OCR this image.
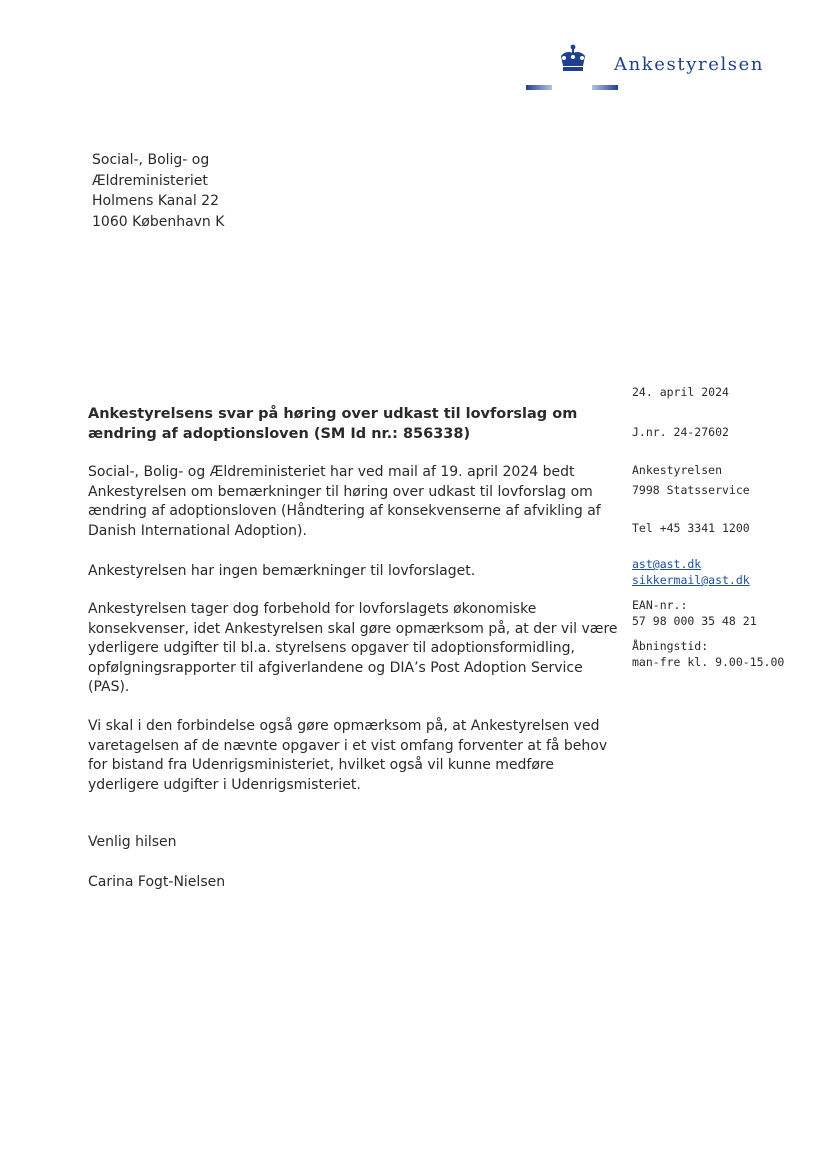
Ankestyrelsen
Social-, Bolig- og
Ældreministeriet
Holmens Kanal 22
1060 København K
24. april 2024
J.nr. 24-27602
Ankestyrelsen
7998 Statsservice
Tel +45 3341 1200
ast@ast.dk
sikkermail@ast.dk
EAN-nr.:
57 98 000 35 48 21
Åbningstid:
man-fre kl. 9.00-15.00
Ankestyrelsens svar på høring over udkast til lovforslag om
ændring af adoptionsloven (SM Id nr.: 856338)
Social-, Bolig- og Ældreministeriet har ved mail af 19. april 2024 bedt
Ankestyrelsen om bemærkninger til høring over udkast til lovforslag om
ændring af adoptionsloven (Håndtering af konsekvenserne af afvikling af
Danish International Adoption).
Ankestyrelsen har ingen bemærkninger til lovforslaget.
Ankestyrelsen tager dog forbehold for lovforslagets økonomiske
konsekvenser, idet Ankestyrelsen skal gøre opmærksom på, at der vil være
yderligere udgifter til bl.a. styrelsens opgaver til adoptionsformidling,
opfølgningsrapporter til afgiverlandene og DIA’s Post Adoption Service
(PAS).
Vi skal i den forbindelse også gøre opmærksom på, at Ankestyrelsen ved
varetagelsen af de nævnte opgaver i et vist omfang forventer at få behov
for bistand fra Udenrigsministeriet, hvilket også vil kunne medføre
yderligere udgifter i Udenrigsmisteriet.
Venlig hilsen
Carina Fogt-Nielsen
